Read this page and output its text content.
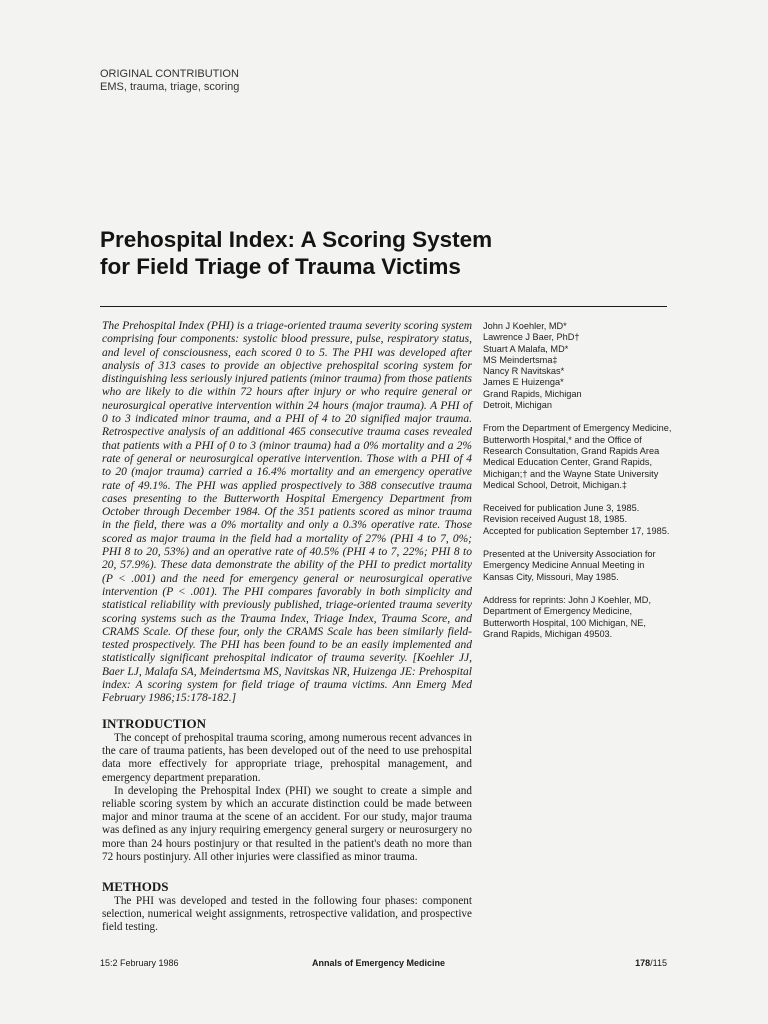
ORIGINAL CONTRIBUTION
EMS, trauma, triage, scoring
Prehospital Index: A Scoring System
for Field Triage of Trauma Victims

The Prehospital Index (PHI) is a triage-oriented trauma severity scoring system comprising four components: systolic blood pressure, pulse, respiratory status, and level of consciousness, each scored 0 to 5. The PHI was developed after analysis of 313 cases to provide an objective prehospital scoring system for distinguishing less seriously injured patients (minor trauma) from those patients who are likely to die within 72 hours after injury or who require general or neurosurgical operative intervention within 24 hours (major trauma). A PHI of 0 to 3 indicated minor trauma, and a PHI of 4 to 20 signified major trauma. Retrospective analysis of an additional 465 consecutive trauma cases revealed that patients with a PHI of 0 to 3 (minor trauma) had a 0% mortality and a 2% rate of general or neurosurgical operative intervention. Those with a PHI of 4 to 20 (major trauma) carried a 16.4% mortality and an emergency operative rate of 49.1%. The PHI was applied prospectively to 388 consecutive trauma cases presenting to the Butterworth Hospital Emergency Department from October through December 1984. Of the 351 patients scored as minor trauma in the field, there was a 0% mortality and only a 0.3% operative rate. Those scored as major trauma in the field had a mortality of 27% (PHI 4 to 7, 0%; PHI 8 to 20, 53%) and an operative rate of 40.5% (PHI 4 to 7, 22%; PHI 8 to 20, 57.9%). These data demonstrate the ability of the PHI to predict mortality (P < .001) and the need for emergency general or neurosurgical operative intervention (P < .001). The PHI compares favorably in both simplicity and statistical reliability with previously published, triage-oriented trauma severity scoring systems such as the Trauma Index, Triage Index, Trauma Score, and CRAMS Scale. Of these four, only the CRAMS Scale has been similarly field-tested prospectively. The PHI has been found to be an easily implemented and statistically significant prehospital indicator of trauma severity. [Koehler JJ, Baer LJ, Malafa SA, Meindertsma MS, Navitskas NR, Huizenga JE: Prehospital index: A scoring system for field triage of trauma victims. Ann Emerg Med February 1986;15:178-182.]

John J Koehler, MD*
Lawrence J Baer, PhD†
Stuart A Malafa, MD*
MS Meindertsma‡
Nancy R Navitskas*
James E Huizenga*
Grand Rapids, Michigan
Detroit, Michigan
From the Department of Emergency Medicine, Butterworth Hospital,* and the Office of Research Consultation, Grand Rapids Area Medical Education Center, Grand Rapids, Michigan;† and the Wayne State University Medical School, Detroit, Michigan.‡
Received for publication June 3, 1985.
Revision received August 18, 1985.
Accepted for publication September 17, 1985.
Presented at the University Association for Emergency Medicine Annual Meeting in Kansas City, Missouri, May 1985.
Address for reprints: John J Koehler, MD, Department of Emergency Medicine, Butterworth Hospital, 100 Michigan, NE, Grand Rapids, Michigan 49503.
INTRODUCTION

The concept of prehospital trauma scoring, among numerous recent advances in the care of trauma patients, has been developed out of the need to use prehospital data more effectively for appropriate triage, prehospital management, and emergency department preparation.

In developing the Prehospital Index (PHI) we sought to create a simple and reliable scoring system by which an accurate distinction could be made between major and minor trauma at the scene of an accident. For our study, major trauma was defined as any injury requiring emergency general surgery or neurosurgery no more than 24 hours postinjury or that resulted in the patient's death no more than 72 hours postinjury. All other injuries were classified as minor trauma.

METHODS

The PHI was developed and tested in the following four phases: component selection, numerical weight assignments, retrospective validation, and prospective field testing.

15:2 February 1986	Annals of Emergency Medicine	178/115
